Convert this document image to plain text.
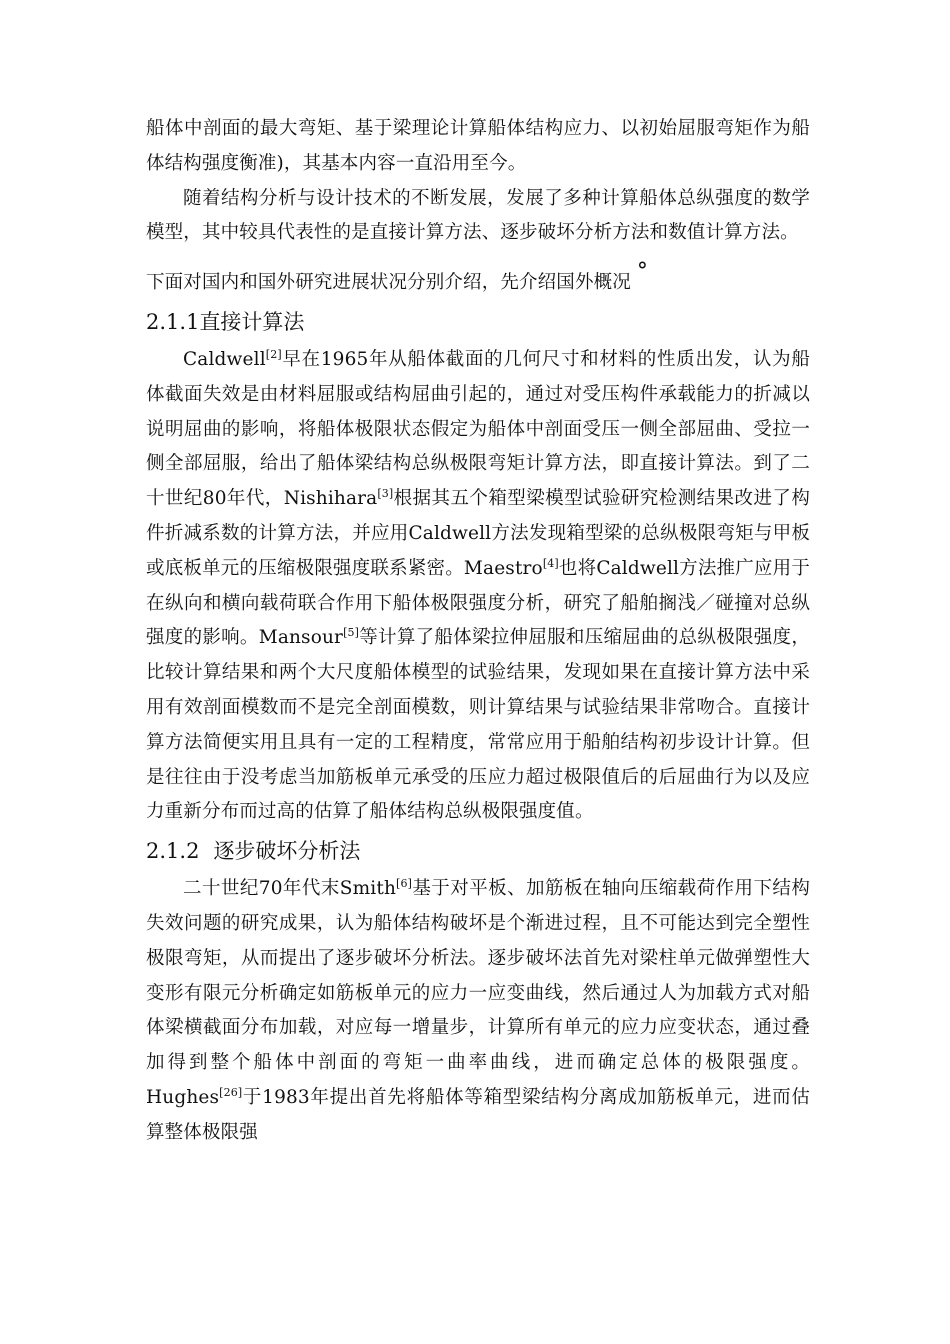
船体中剖面的最大弯矩、基于梁理论计算船体结构应力、以初始屈服弯矩作为船体结构强度衡准)，其基本内容一直沿用至今。

随着结构分析与设计技术的不断发展，发展了多种计算船体总纵强度的数学模型，其中较具代表性的是直接计算方法、逐步破坏分析方法和数值计算方法。

下面对国内和国外研究进展状况分别介绍，先介绍国外概况 °

2.1.1直接计算法

Caldwell[2]早在1965年从船体截面的几何尺寸和材料的性质出发，认为船体截面失效是由材料屈服或结构屈曲引起的，通过对受压构件承载能力的折减以说明屈曲的影响，将船体极限状态假定为船体中剖面受压一侧全部屈曲、受拉一侧全部屈服，给出了船体梁结构总纵极限弯矩计算方法，即直接计算法。到了二十世纪80年代，Nishihara[3]根据其五个箱型梁模型试验研究检测结果改进了构件折减系数的计算方法，并应用Caldwell方法发现箱型梁的总纵极限弯矩与甲板或底板单元的压缩极限强度联系紧密。Maestro[4]也将Caldwell方法推广应用于在纵向和横向载荷联合作用下船体极限强度分析，研究了船舶搁浅／碰撞对总纵强度的影响。Mansour[5]等计算了船体梁拉伸屈服和压缩屈曲的总纵极限强度，比较计算结果和两个大尺度船体模型的试验结果，发现如果在直接计算方法中采用有效剖面模数而不是完全剖面模数，则计算结果与试验结果非常吻合。直接计算方法简便实用且具有一定的工程精度，常常应用于船舶结构初步设计计算。但是往往由于没考虑当加筋板单元承受的压应力超过极限值后的后屈曲行为以及应力重新分布而过高的估算了船体结构总纵极限强度值。

2.1.2 逐步破坏分析法

二十世纪70年代末Smith[6]基于对平板、加筋板在轴向压缩载荷作用下结构失效问题的研究成果，认为船体结构破坏是个渐进过程，且不可能达到完全塑性极限弯矩，从而提出了逐步破坏分析法。逐步破坏法首先对梁柱单元做弹塑性大变形有限元分析确定如筋板单元的应力一应变曲线，然后通过人为加载方式对船体梁横截面分布加载，对应每一增量步，计算所有单元的应力应变状态，通过叠加得到整个船体中剖面的弯矩一曲率曲线，进而确定总体的极限强度。Hughes[26]于1983年提出首先将船体等箱型梁结构分离成加筋板单元，进而估算整体极限强
